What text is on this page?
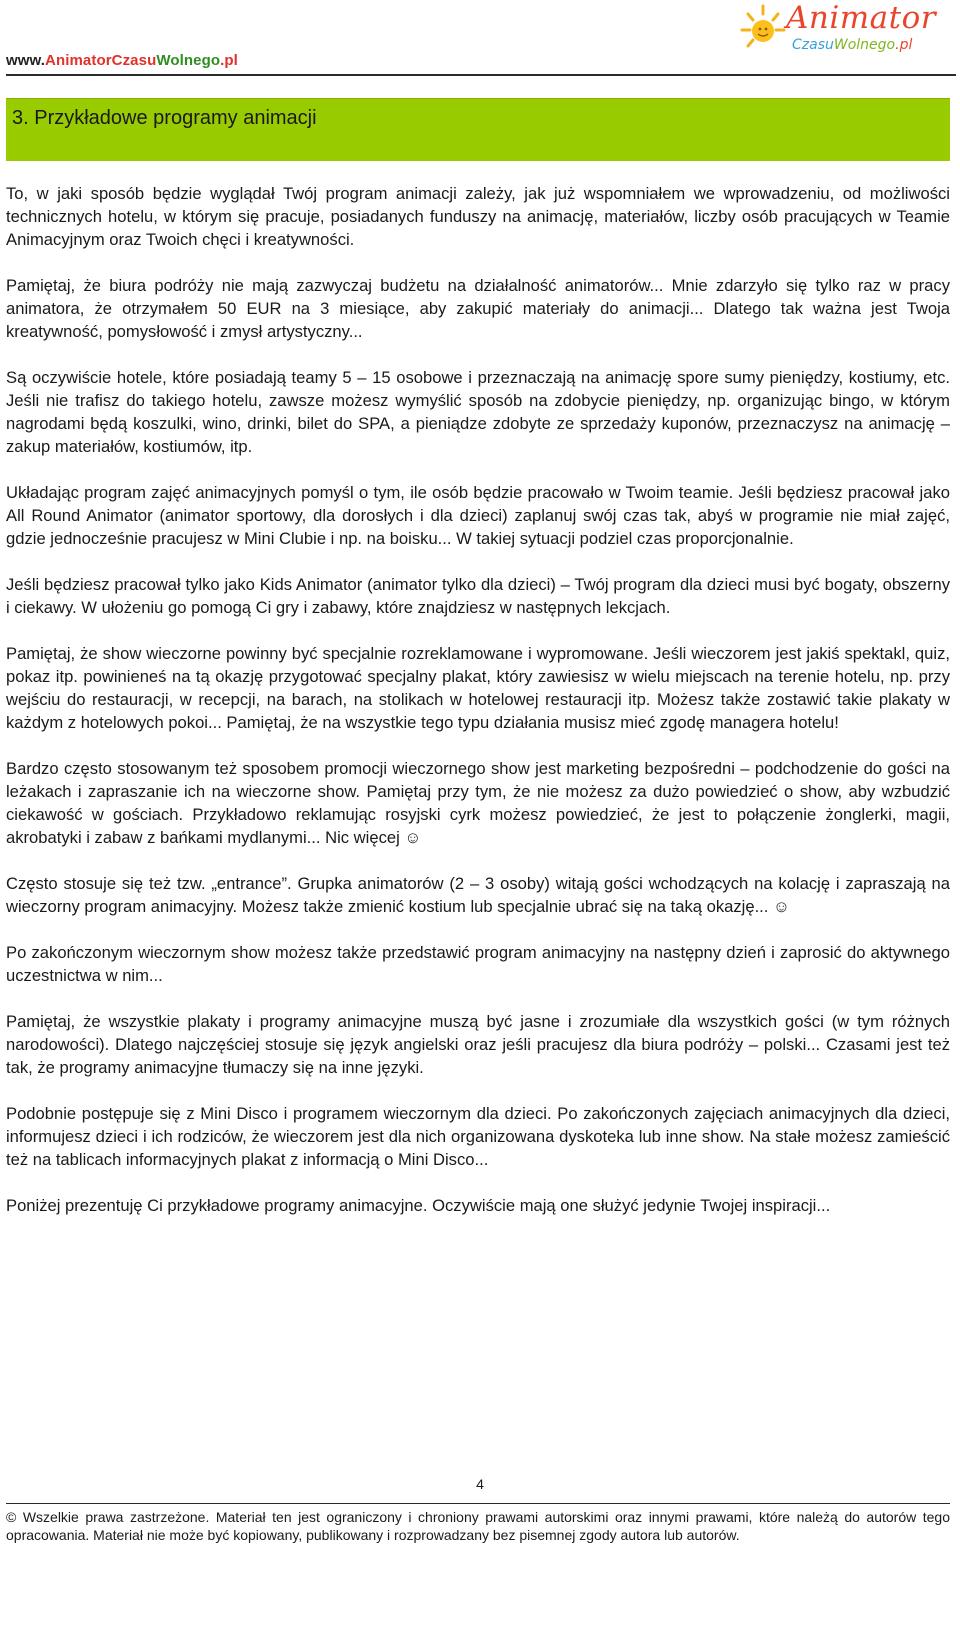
www.AnimatorCzasuWolnego.pl
Animator
CzasuWolnego.pl
3. Przykładowe programy animacji

To, w jaki sposób będzie wyglądał Twój program animacji zależy, jak już wspomniałem we wprowadzeniu, od możliwości technicznych hotelu, w którym się pracuje, posiadanych funduszy na animację, materiałów, liczby osób pracujących w Teamie Animacyjnym oraz Twoich chęci i kreatywności.

Pamiętaj, że biura podróży nie mają zazwyczaj budżetu na działalność animatorów... Mnie zdarzyło się tylko raz w pracy animatora, że otrzymałem 50 EUR na 3 miesiące, aby zakupić materiały do animacji... Dlatego tak ważna jest Twoja kreatywność, pomysłowość i zmysł artystyczny...

Są oczywiście hotele, które posiadają teamy 5 – 15 osobowe i przeznaczają na animację spore sumy pieniędzy, kostiumy, etc. Jeśli nie trafisz do takiego hotelu, zawsze możesz wymyślić sposób na zdobycie pieniędzy, np. organizując bingo, w którym nagrodami będą koszulki, wino, drinki, bilet do SPA, a pieniądze zdobyte ze sprzedaży kuponów, przeznaczysz na animację – zakup materiałów, kostiumów, itp.

Układając program zajęć animacyjnych pomyśl o tym, ile osób będzie pracowało w Twoim teamie. Jeśli będziesz pracował jako All Round Animator (animator sportowy, dla dorosłych i dla dzieci) zaplanuj swój czas tak, abyś w programie nie miał zajęć, gdzie jednocześnie pracujesz w Mini Clubie i np. na boisku... W takiej sytuacji podziel czas proporcjonalnie.

Jeśli będziesz pracował tylko jako Kids Animator (animator tylko dla dzieci) – Twój program dla dzieci musi być bogaty, obszerny i ciekawy. W ułożeniu go pomogą Ci gry i zabawy, które znajdziesz w następnych lekcjach.

Pamiętaj, że show wieczorne powinny być specjalnie rozreklamowane i wypromowane. Jeśli wieczorem jest jakiś spektakl, quiz, pokaz itp. powinieneś na tą okazję przygotować specjalny plakat, który zawiesisz w wielu miejscach na terenie hotelu, np. przy wejściu do restauracji, w recepcji, na barach, na stolikach w hotelowej restauracji itp. Możesz także zostawić takie plakaty w każdym z hotelowych pokoi... Pamiętaj, że na wszystkie tego typu działania musisz mieć zgodę managera hotelu!

Bardzo często stosowanym też sposobem promocji wieczornego show jest marketing bezpośredni – podchodzenie do gości na leżakach i zapraszanie ich na wieczorne show. Pamiętaj przy tym, że nie możesz za dużo powiedzieć o show, aby wzbudzić ciekawość w gościach. Przykładowo reklamując rosyjski cyrk możesz powiedzieć, że jest to połączenie żonglerki, magii, akrobatyki i zabaw z bańkami mydlanymi... Nic więcej ☺

Często stosuje się też tzw. „entrance”. Grupka animatorów (2 – 3 osoby) witają gości wchodzących na kolację i zapraszają na wieczorny program animacyjny. Możesz także zmienić kostium lub specjalnie ubrać się na taką okazję... ☺

Po zakończonym wieczornym show możesz także przedstawić program animacyjny na następny dzień i zaprosić do aktywnego uczestnictwa w nim...

Pamiętaj, że wszystkie plakaty i programy animacyjne muszą być jasne i zrozumiałe dla wszystkich gości (w tym różnych narodowości). Dlatego najczęściej stosuje się język angielski oraz jeśli pracujesz dla biura podróży – polski... Czasami jest też tak, że programy animacyjne tłumaczy się na inne języki.

Podobnie postępuje się z Mini Disco i programem wieczornym dla dzieci. Po zakończonych zajęciach animacyjnych dla dzieci, informujesz dzieci i ich rodziców, że wieczorem jest dla nich organizowana dyskoteka lub inne show. Na stałe możesz zamieścić też na tablicach informacyjnych plakat z informacją o Mini Disco...

Poniżej prezentuję Ci przykładowe programy animacyjne. Oczywiście mają one służyć jedynie Twojej inspiracji...

4
© Wszelkie prawa zastrzeżone. Materiał ten jest ograniczony i chroniony prawami autorskimi oraz innymi prawami, które należą do autorów tego opracowania. Materiał nie może być kopiowany, publikowany i rozprowadzany bez pisemnej zgody autora lub autorów.
